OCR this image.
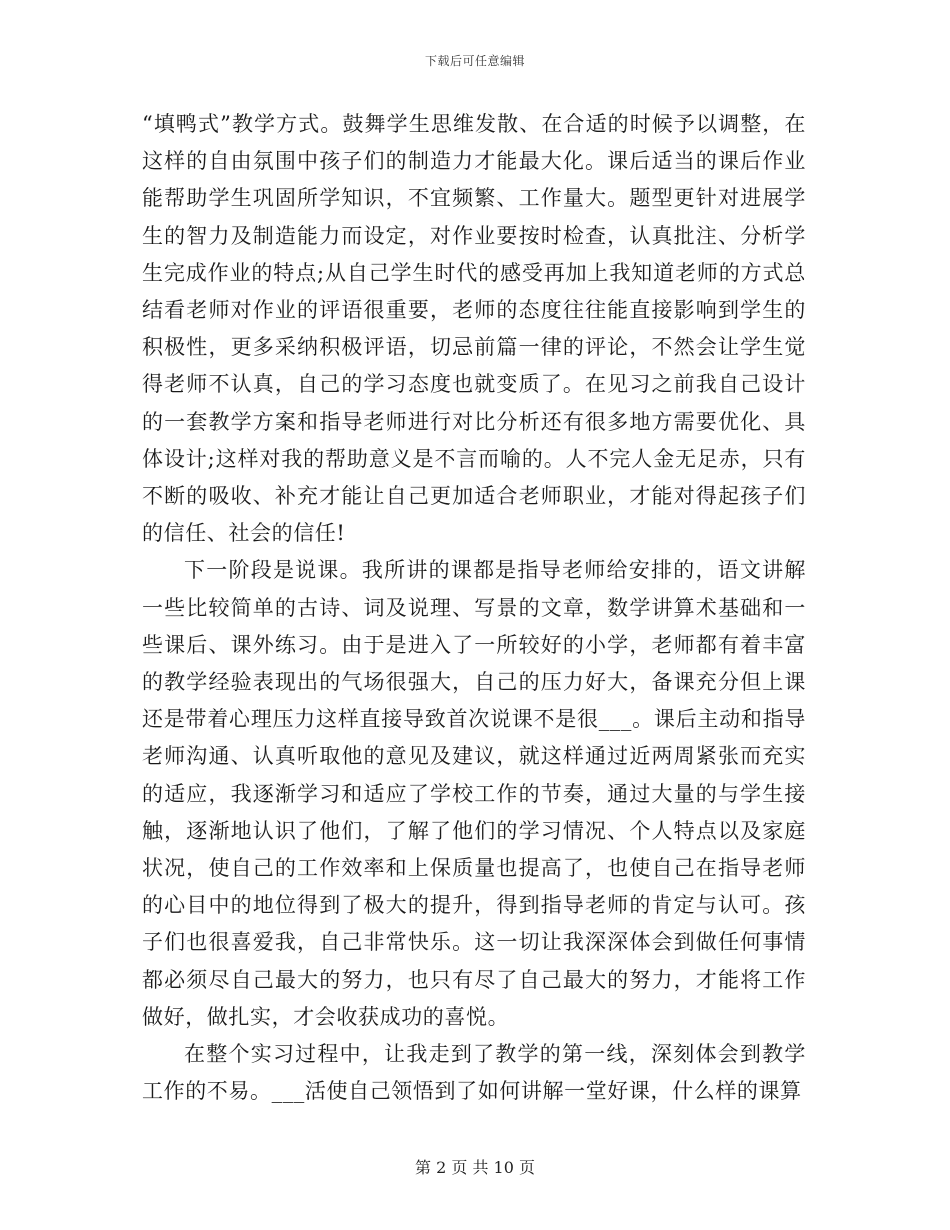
下载后可任意编辑

“填鸭式”教学方式。鼓舞学生思维发散、在合适的时候予以调整，在这样的自由氛围中孩子们的制造力才能最大化。课后适当的课后作业能帮助学生巩固所学知识，不宜频繁、工作量大。题型更针对进展学生的智力及制造能力而设定，对作业要按时检查，认真批注、分析学生完成作业的特点;从自己学生时代的感受再加上我知道老师的方式总结看老师对作业的评语很重要，老师的态度往往能直接影响到学生的积极性，更多采纳积极评语，切忌前篇一律的评论，不然会让学生觉得老师不认真，自己的学习态度也就变质了。在见习之前我自己设计的一套教学方案和指导老师进行对比分析还有很多地方需要优化、具体设计;这样对我的帮助意义是不言而喻的。人不完人金无足赤，只有不断的吸收、补充才能让自己更加适合老师职业，才能对得起孩子们的信任、社会的信任!

下一阶段是说课。我所讲的课都是指导老师给安排的，语文讲解一些比较简单的古诗、词及说理、写景的文章，数学讲算术基础和一些课后、课外练习。由于是进入了一所较好的小学，老师都有着丰富的教学经验表现出的气场很强大，自己的压力好大，备课充分但上课还是带着心理压力这样直接导致首次说课不是很___。课后主动和指导老师沟通、认真听取他的意见及建议，就这样通过近两周紧张而充实的适应，我逐渐学习和适应了学校工作的节奏，通过大量的与学生接触，逐渐地认识了他们，了解了他们的学习情况、个人特点以及家庭状况，使自己的工作效率和上保质量也提高了，也使自己在指导老师的心目中的地位得到了极大的提升，得到指导老师的肯定与认可。孩子们也很喜爱我，自己非常快乐。这一切让我深深体会到做任何事情都必须尽自己最大的努力，也只有尽了自己最大的努力，才能将工作做好，做扎实，才会收获成功的喜悦。

在整个实习过程中，让我走到了教学的第一线，深刻体会到教学工作的不易。___活使自己领悟到了如何讲解一堂好课，什么样的课算

第 2 页 共 10 页
